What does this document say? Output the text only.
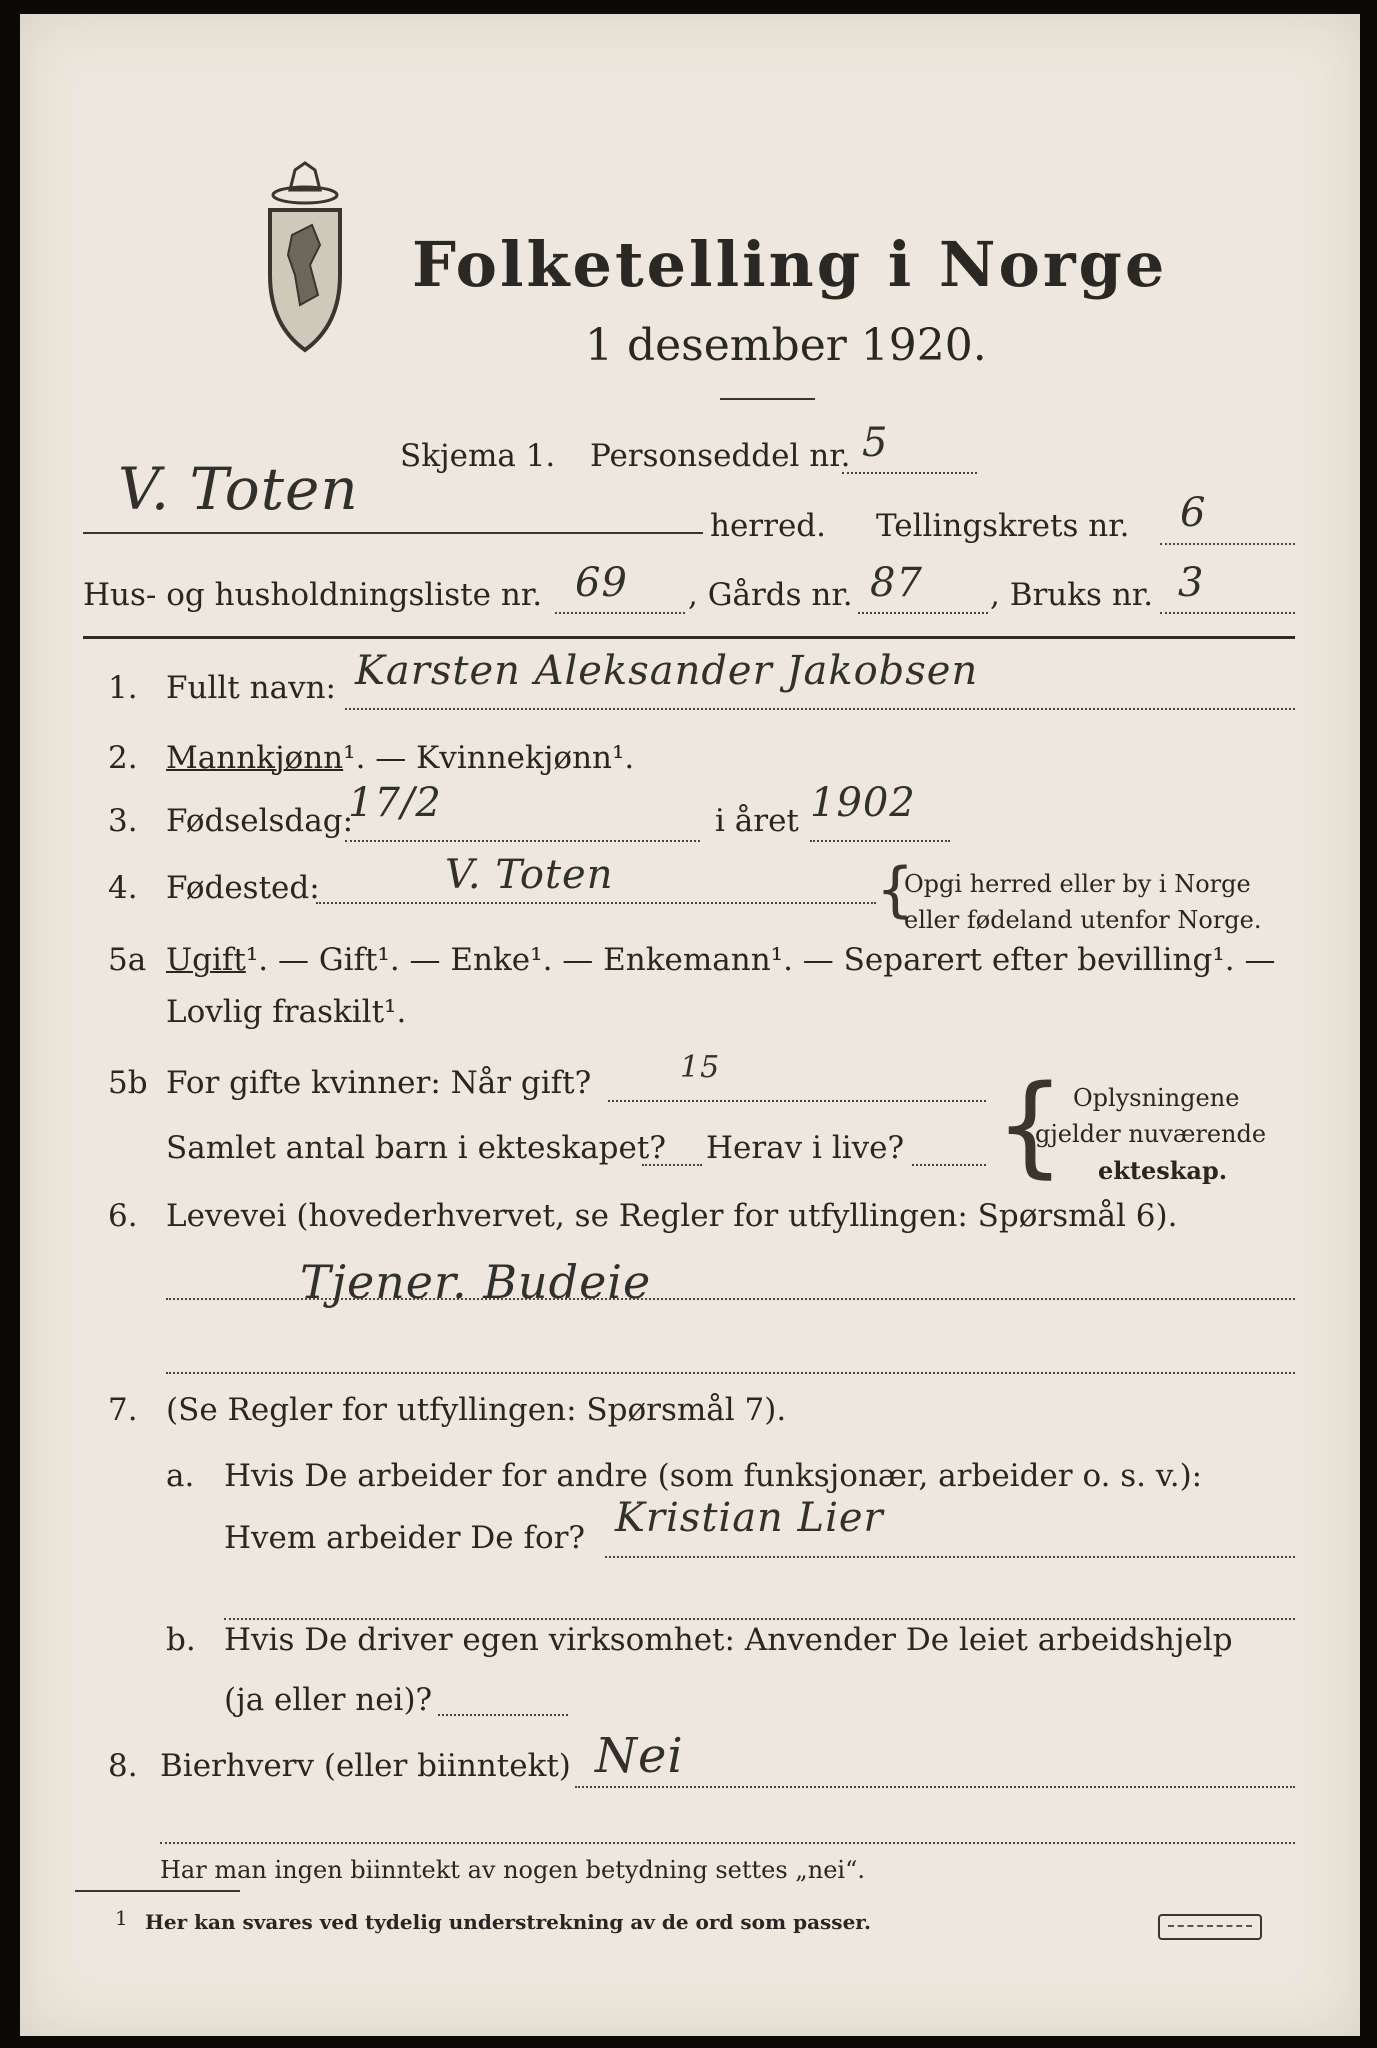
Folketelling i Norge
1 desember 1920.
V. Toten Skjema 1. Personseddel nr. 5
herred. Tellingskrets nr. 6
Hus- og husholdningsliste nr. 69 , Gårds nr. 87 , Bruks nr. 3
1. Fullt navn: Karsten Aleksander Jakobsen
2. Mannkjønn¹. — Kvinnekjønn¹.
3. Fødselsdag:
17/2	i året 1902
4. Fødested:	V. Toten	{
Opgi herred eller by i Norge
eller fødeland utenfor Norge.
5a Ugift¹. — Gift¹. — Enke¹. — Enkemann¹. — Separert efter bevilling¹. —
Lovlig fraskilt¹.
5b For gifte kvinner: Når gift?	15
Samlet antal barn i ekteskapet? Herav i live? { Oplysningene
gjelder nuværende
ekteskap.
6. Levevei (hovederhvervet, se Regler for utfyllingen: Spørsmål 6).
Tjener. Budeie
7. (Se Regler for utfyllingen: Spørsmål 7).
a. Hvis De arbeider for andre (som funksjonær, arbeider o. s. v.):
Hvem arbeider De for? Kristian Lier
b. Hvis De driver egen virksomhet: Anvender De leiet arbeidshjelp
(ja eller nei)?
8. Bierhverv (eller biinntekt) Nei
Har man ingen biinntekt av nogen betydning settes „nei“.
1 Her kan svares ved tydelig understrekning av de ord som passer.
